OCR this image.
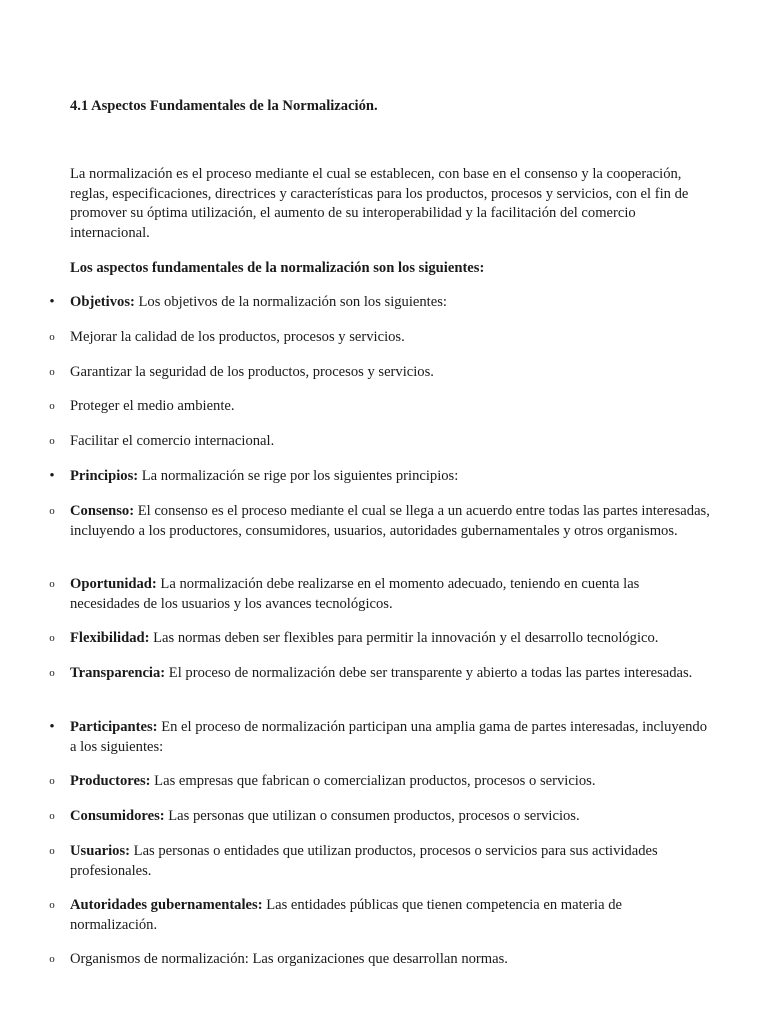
4.1 Aspectos Fundamentales de la Normalización.

La normalización es el proceso mediante el cual se establecen, con base en el consenso y la cooperación, reglas, especificaciones, directrices y características para los productos, procesos y servicios, con el fin de promover su óptima utilización, el aumento de su interoperabilidad y la facilitación del comercio internacional.

Los aspectos fundamentales de la normalización son los siguientes:

• Objetivos: Los objetivos de la normalización son los siguientes:
o Mejorar la calidad de los productos, procesos y servicios.
o Garantizar la seguridad de los productos, procesos y servicios.
o Proteger el medio ambiente.
o Facilitar el comercio internacional.
• Principios: La normalización se rige por los siguientes principios:
o Consenso: El consenso es el proceso mediante el cual se llega a un acuerdo entre todas las partes interesadas, incluyendo a los productores, consumidores, usuarios, autoridades gubernamentales y otros organismos.
o Oportunidad: La normalización debe realizarse en el momento adecuado, teniendo en cuenta las necesidades de los usuarios y los avances tecnológicos.
o Flexibilidad: Las normas deben ser flexibles para permitir la innovación y el desarrollo tecnológico.
o Transparencia: El proceso de normalización debe ser transparente y abierto a todas las partes interesadas.
• Participantes: En el proceso de normalización participan una amplia gama de partes interesadas, incluyendo a los siguientes:
o Productores: Las empresas que fabrican o comercializan productos, procesos o servicios.
o Consumidores: Las personas que utilizan o consumen productos, procesos o servicios.
o Usuarios: Las personas o entidades que utilizan productos, procesos o servicios para sus actividades profesionales.
o Autoridades gubernamentales: Las entidades públicas que tienen competencia en materia de normalización.
o Organismos de normalización: Las organizaciones que desarrollan normas.
